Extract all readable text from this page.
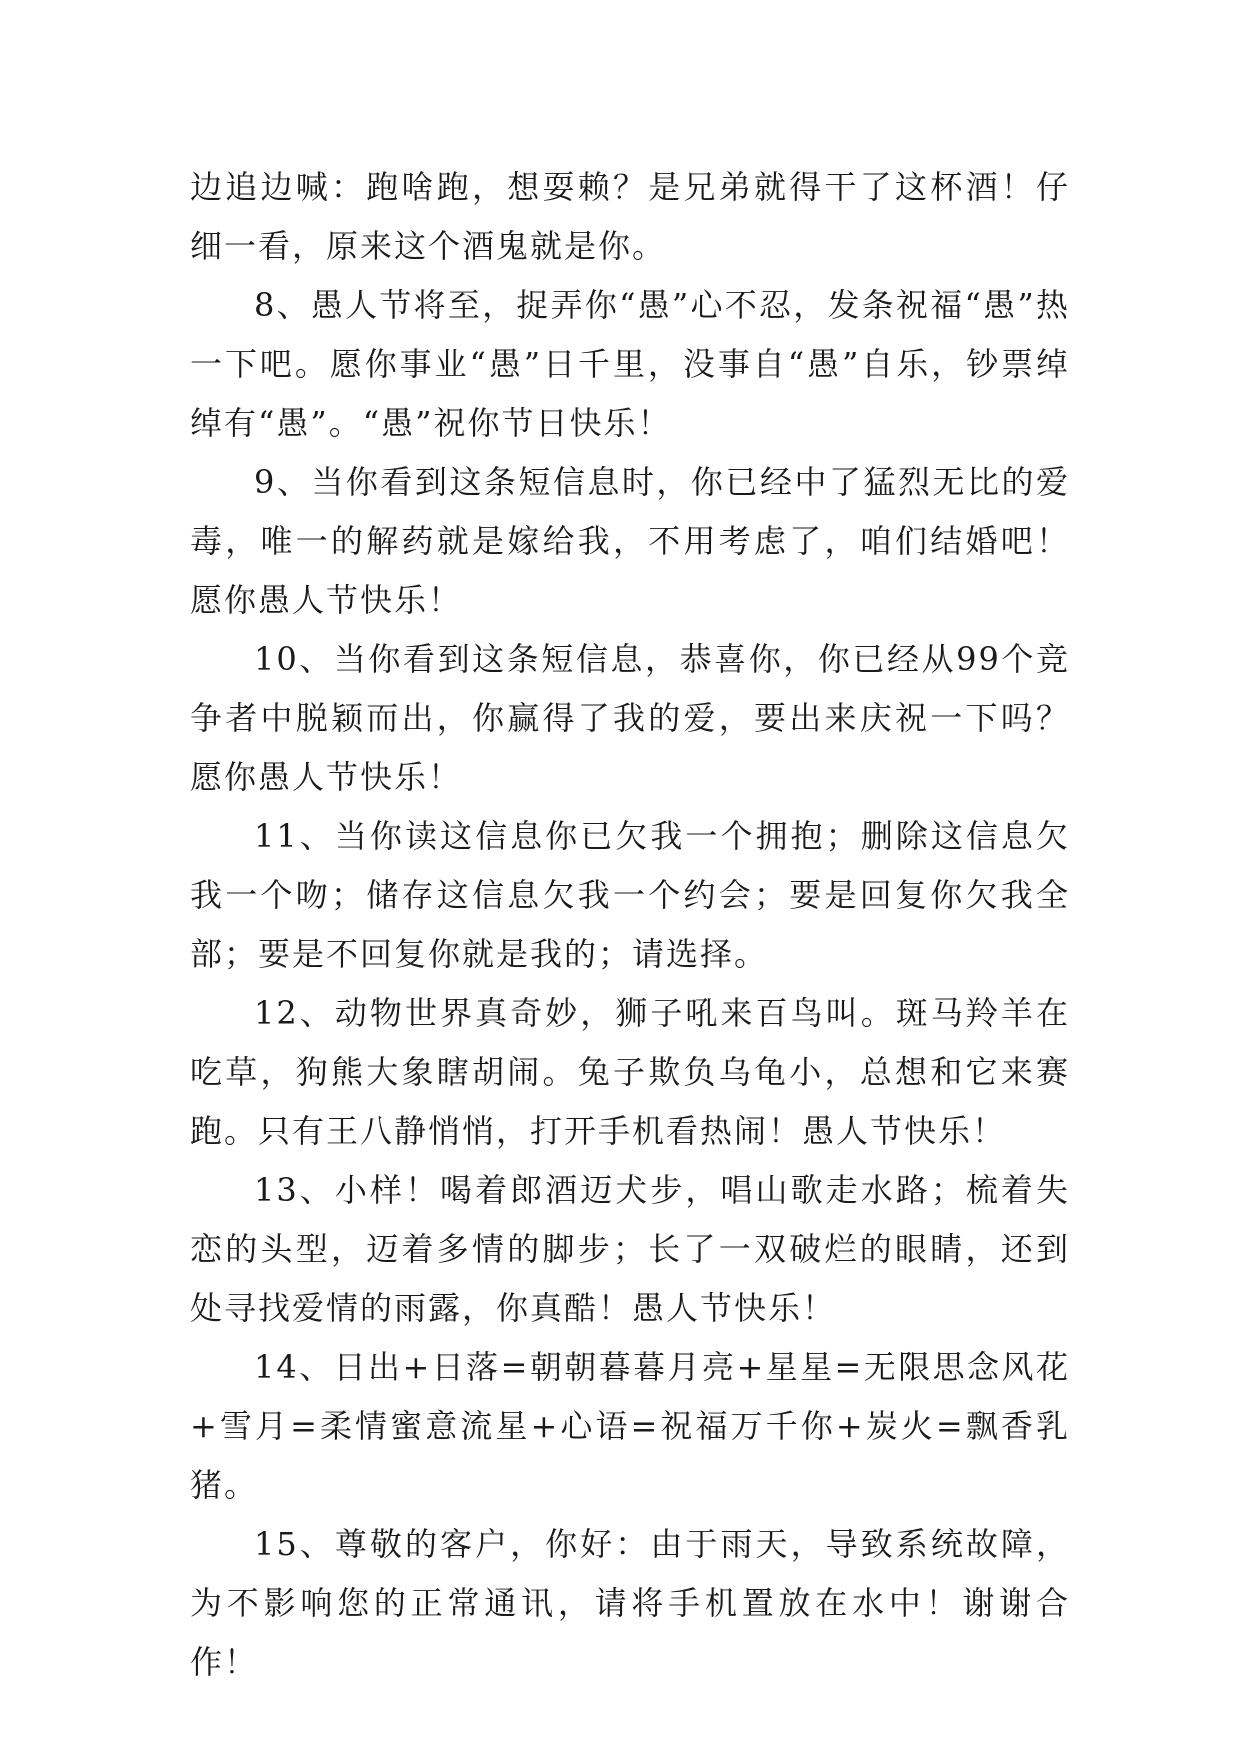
边追边喊：跑啥跑，想耍赖？是兄弟就得干了这杯酒！仔细一看，原来这个酒鬼就是你。

8、愚人节将至，捉弄你“愚”心不忍，发条祝福“愚”热一下吧。愿你事业“愚”日千里，没事自“愚”自乐，钞票绰绰有“愚”。“愚”祝你节日快乐！

9、当你看到这条短信息时，你已经中了猛烈无比的爱毒，唯一的解药就是嫁给我，不用考虑了，咱们结婚吧！愿你愚人节快乐！

10、当你看到这条短信息，恭喜你，你已经从99个竞争者中脱颖而出，你赢得了我的爱，要出来庆祝一下吗？愿你愚人节快乐！

11、当你读这信息你已欠我一个拥抱；删除这信息欠我一个吻；储存这信息欠我一个约会；要是回复你欠我全部；要是不回复你就是我的；请选择。

12、动物世界真奇妙，狮子吼来百鸟叫。斑马羚羊在吃草，狗熊大象瞎胡闹。兔子欺负乌龟小，总想和它来赛跑。只有王八静悄悄，打开手机看热闹！愚人节快乐！

13、小样！喝着郎酒迈犬步，唱山歌走水路；梳着失恋的头型，迈着多情的脚步；长了一双破烂的眼睛，还到处寻找爱情的雨露，你真酷！愚人节快乐！

14、日出+日落=朝朝暮暮月亮+星星=无限思念风花+雪月=柔情蜜意流星+心语=祝福万千你+炭火=飘香乳猪。

15、尊敬的客户，你好：由于雨天，导致系统故障，为不影响您的正常通讯，请将手机置放在水中！谢谢合作！
